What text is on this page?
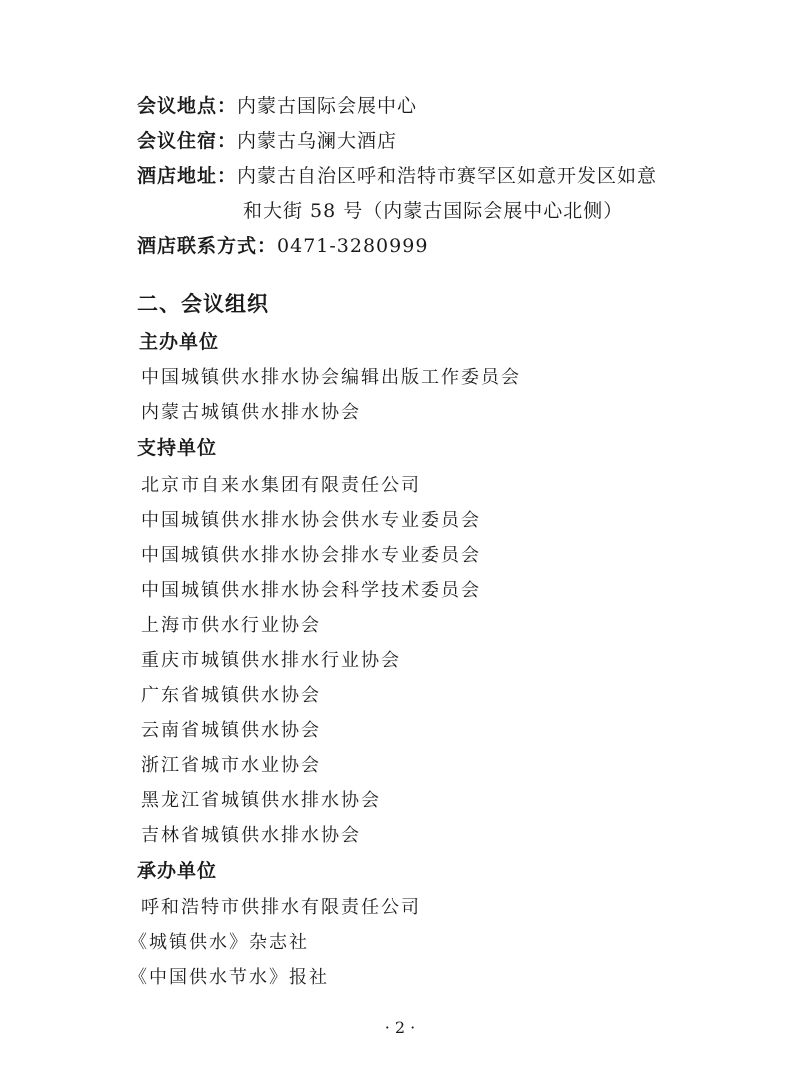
会议地点：内蒙古国际会展中心
会议住宿：内蒙古乌澜大酒店
酒店地址：内蒙古自治区呼和浩特市赛罕区如意开发区如意
和大街 58 号（内蒙古国际会展中心北侧）
酒店联系方式：0471-3280999
二、会议组织
主办单位
中国城镇供水排水协会编辑出版工作委员会
内蒙古城镇供水排水协会
支持单位
北京市自来水集团有限责任公司
中国城镇供水排水协会供水专业委员会
中国城镇供水排水协会排水专业委员会
中国城镇供水排水协会科学技术委员会
上海市供水行业协会
重庆市城镇供水排水行业协会
广东省城镇供水协会
云南省城镇供水协会
浙江省城市水业协会
黑龙江省城镇供水排水协会
吉林省城镇供水排水协会
承办单位
呼和浩特市供排水有限责任公司
《城镇供水》杂志社
《中国供水节水》报社
· 2 ·
